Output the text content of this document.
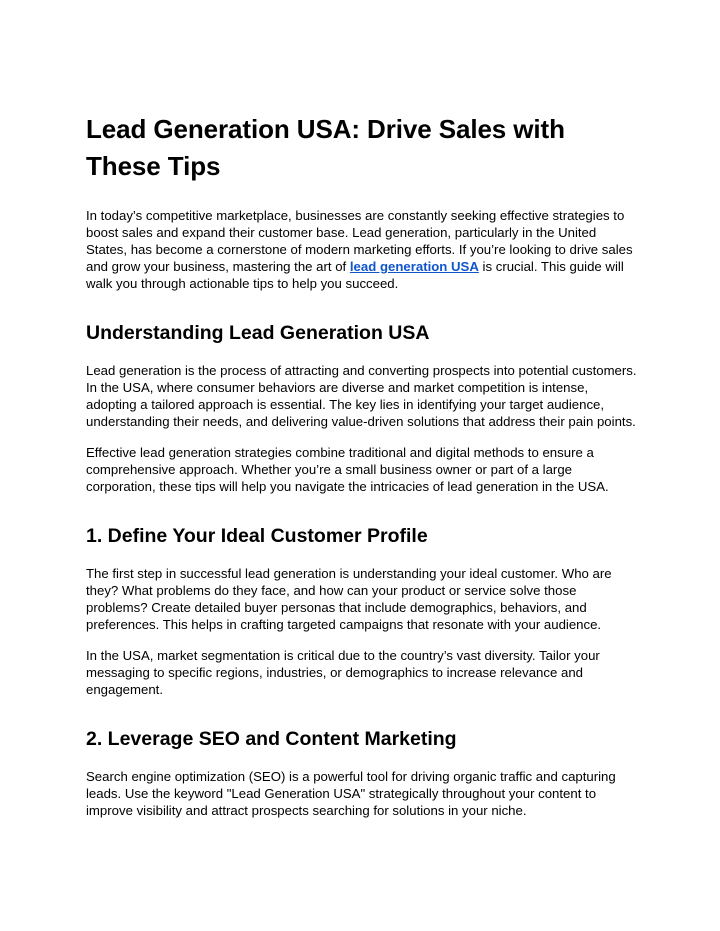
Lead Generation USA: Drive Sales with These Tips

In today’s competitive marketplace, businesses are constantly seeking effective strategies to boost sales and expand their customer base. Lead generation, particularly in the United States, has become a cornerstone of modern marketing efforts. If you’re looking to drive sales and grow your business, mastering the art of lead generation USA is crucial. This guide will walk you through actionable tips to help you succeed.

Understanding Lead Generation USA

Lead generation is the process of attracting and converting prospects into potential customers. In the USA, where consumer behaviors are diverse and market competition is intense, adopting a tailored approach is essential. The key lies in identifying your target audience, understanding their needs, and delivering value-driven solutions that address their pain points.

Effective lead generation strategies combine traditional and digital methods to ensure a comprehensive approach. Whether you’re a small business owner or part of a large corporation, these tips will help you navigate the intricacies of lead generation in the USA.

1. Define Your Ideal Customer Profile

The first step in successful lead generation is understanding your ideal customer. Who are they? What problems do they face, and how can your product or service solve those problems? Create detailed buyer personas that include demographics, behaviors, and preferences. This helps in crafting targeted campaigns that resonate with your audience.

In the USA, market segmentation is critical due to the country’s vast diversity. Tailor your messaging to specific regions, industries, or demographics to increase relevance and engagement.

2. Leverage SEO and Content Marketing

Search engine optimization (SEO) is a powerful tool for driving organic traffic and capturing leads. Use the keyword "Lead Generation USA" strategically throughout your content to improve visibility and attract prospects searching for solutions in your niche.
